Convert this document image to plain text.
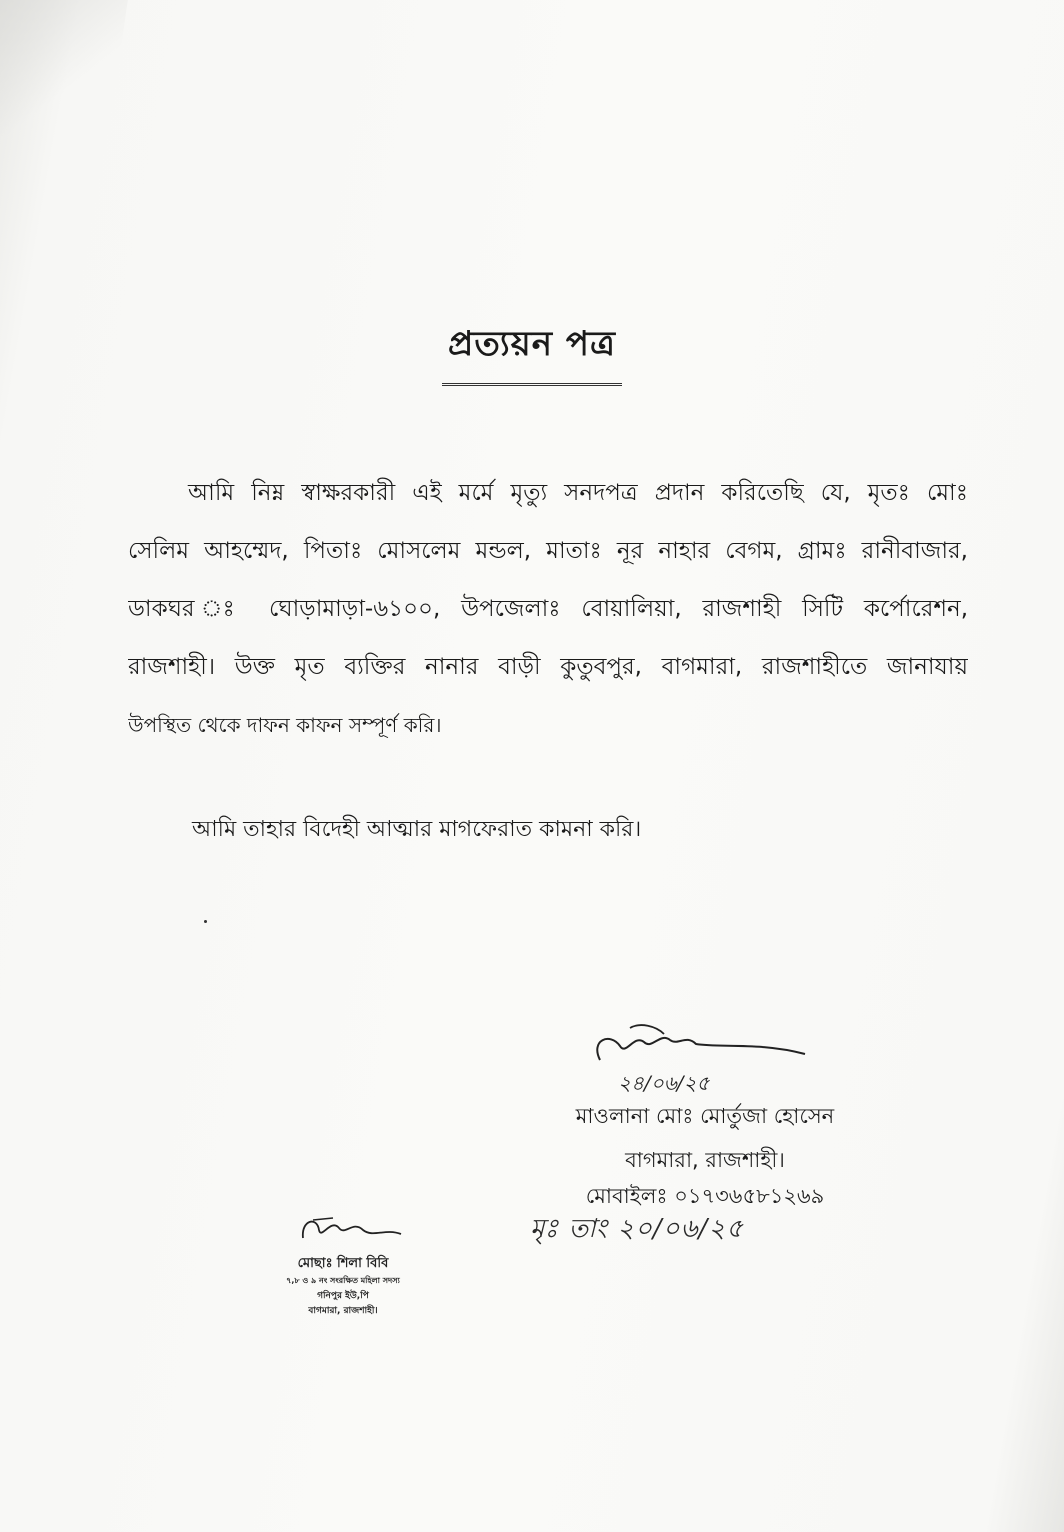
প্রত্যয়ন পত্র
আমি নিম্ন স্বাক্ষরকারী এই মর্মে মৃত্যু সনদপত্র প্রদান করিতেছি যে, মৃতঃ মোঃ
সেলিম আহম্মেদ, পিতাঃ মোসলেম মন্ডল, মাতাঃ নূর নাহার বেগম, গ্রামঃ রানীবাজার,
ডাকঘর ঃ ঘোড়ামাড়া-৬১০০, উপজেলাঃ বোয়ালিয়া, রাজশাহী সিটি কর্পোরেশন,
রাজশাহী। উক্ত মৃত ব্যক্তির নানার বাড়ী কুতুবপুর, বাগমারা, রাজশাহীতে জানাযায়
উপস্থিত থেকে দাফন কাফন সম্পূর্ণ করি।
আমি তাহার বিদেহী আত্মার মাগফেরাত কামনা করি।
২৪/০৬/২৫
মাওলানা মোঃ মোর্তুজা হোসেন
বাগমারা, রাজশাহী।
মোবাইলঃ ০১৭৩৬৫৮১২৬৯
মৃঃ তাং ২০/০৬/২৫
মোছাঃ শিলা বিবি
৭,৮ ও ৯ নং সংরক্ষিত মহিলা সদস্য
গনিপুর ইউ,পি
বাগমারা, রাজশাহী।
